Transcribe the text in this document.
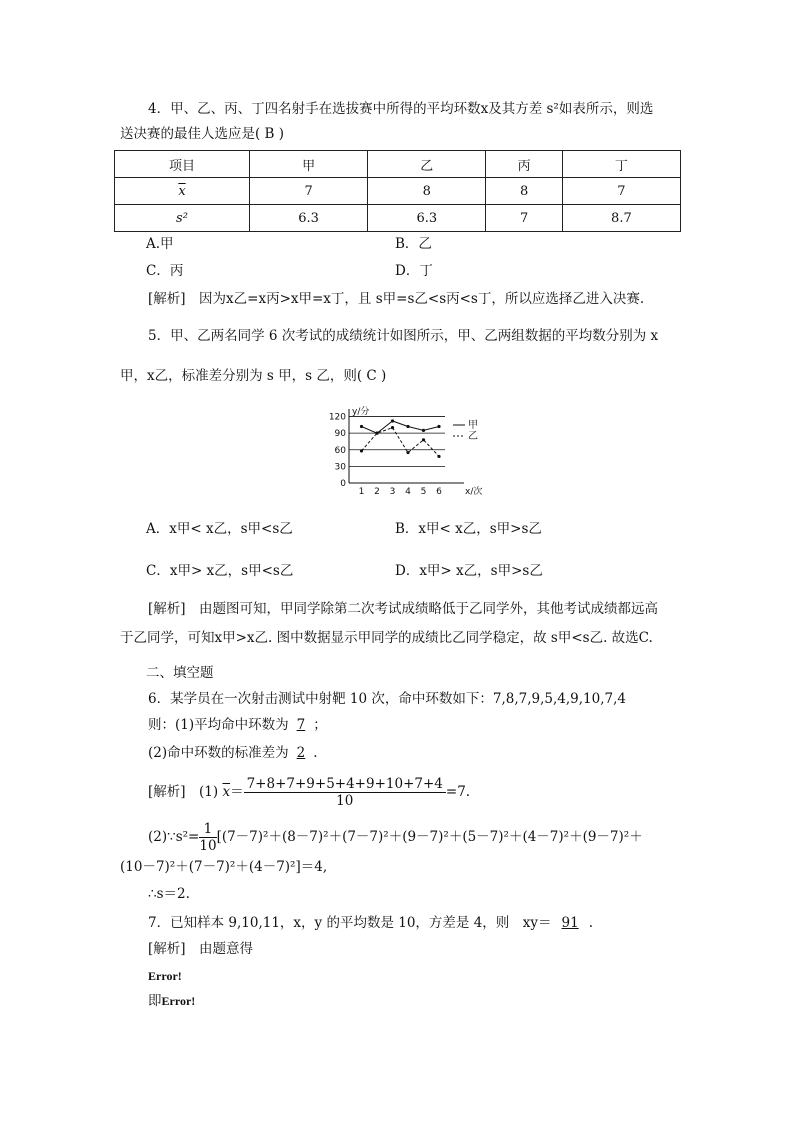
4．甲、乙、丙、丁四名射手在选拔赛中所得的平均环数x及其方差 s²如表所示，则选
送决赛的最佳人选应是( B )
项目	甲	乙	丙	丁
$\overline{x}$	7	8	8	7
s²	6.3	6.3	7	8.7
A.甲	B．乙
C．丙	D．丁
[解析]　因为x乙=x丙>x甲=x丁，且 s甲=s乙<s丙<s丁，所以应选择乙进入决赛.
5．甲、乙两名同学 6 次考试的成绩统计如图所示，甲、乙两组数据的平均数分别为 x
甲，x乙，标准差分别为 s 甲，s 乙，则( C )
0
30
60
90
120
1 2 3 4 5 6
y/分
x/次
甲
乙
A．x甲< x乙，s甲<s乙	B．x甲< x乙，s甲>s乙
C．x甲> x乙，s甲<s乙	D．x甲> x乙，s甲>s乙
[解析]　由题图可知，甲同学除第二次考试成绩略低于乙同学外，其他考试成绩都远高
于乙同学，可知x甲>x乙. 图中数据显示甲同学的成绩比乙同学稳定，故 s甲<s乙. 故选C.
二、填空题
6．某学员在一次射击测试中射靶 10 次，命中环数如下：7,8,7,9,5,4,9,10,7,4
则：(1)平均命中环数为 7 ；
(2)命中环数的标准差为 2 .
[解析]　(1) $\overline{x}= \frac{7+8+7+9+5+4+9+10+7+4}{10} =7$.
(2)∵s²= $\frac{1}{10} [(7-7)^2+(8-7)^2+(7-7)^2+(9-7)^2+(5-7)^2+(4-7)^2+(9-7)^2+$
(10－7)²＋(7－7)²＋(4－7)²]＝4,
∴s＝2.
7．已知样本 9,10,11，x，y 的平均数是 10，方差是 4，则　xy＝ 91 .
[解析]　由题意得
Error!
即Error!
